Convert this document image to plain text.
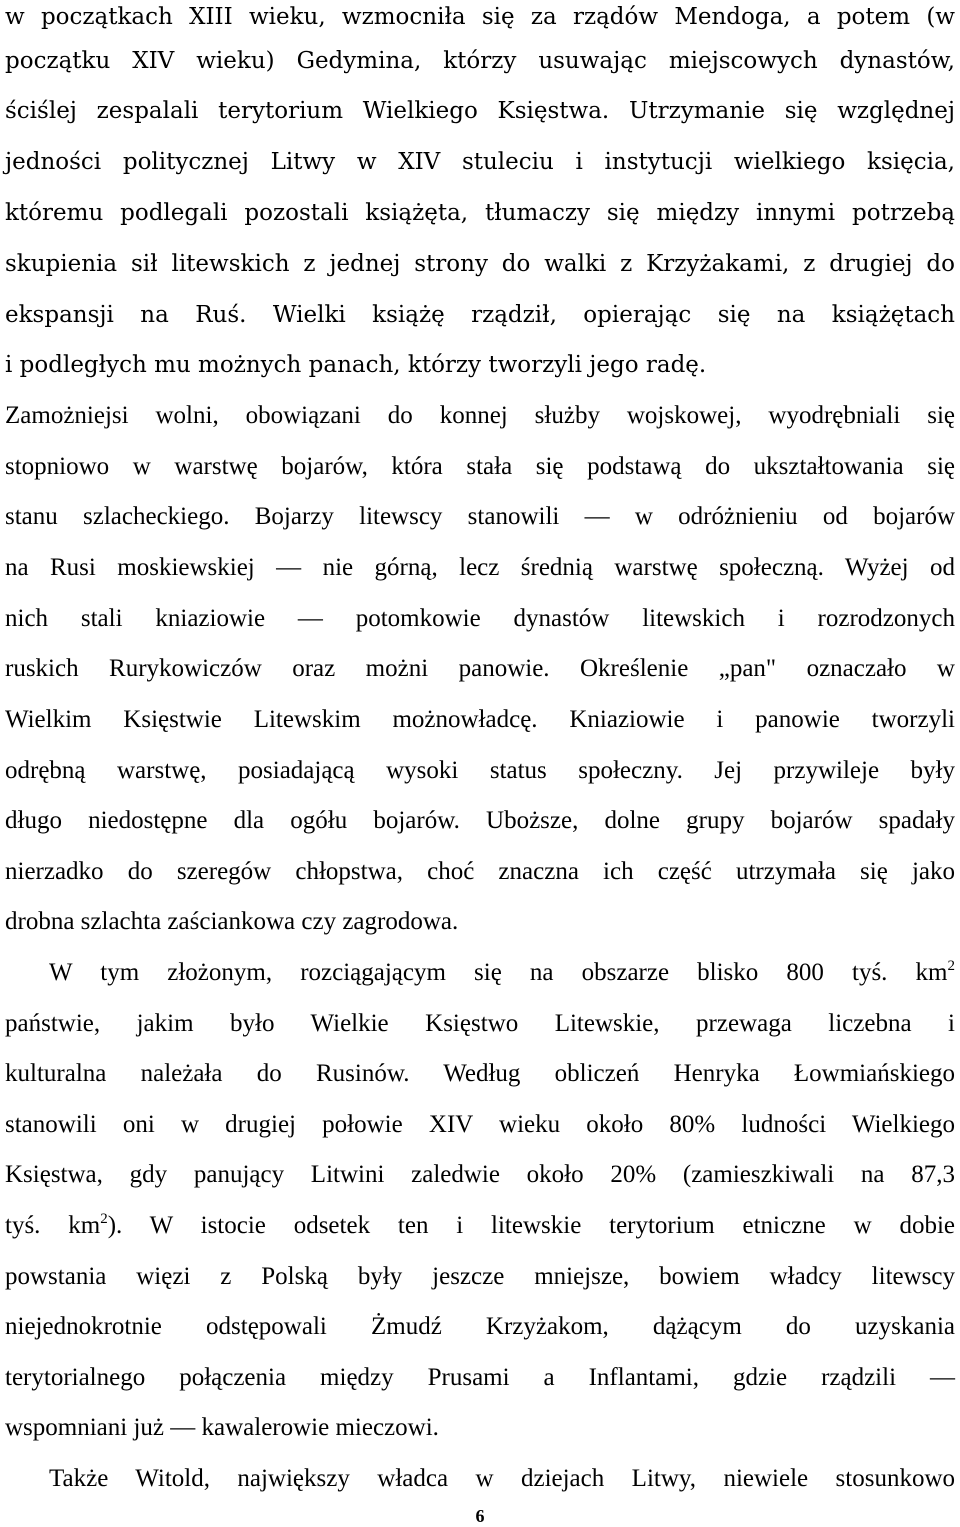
w początkach XIII wieku, wzmocniła się za rządów Mendoga, a potem (w
początku XIV wieku) Gedymina, którzy usuwając miejscowych dynastów,
ściślej zespalali terytorium Wielkiego Księstwa. Utrzymanie się względnej
jedności politycznej Litwy w XIV stuleciu i instytucji wielkiego księcia,
któremu podlegali pozostali książęta, tłumaczy się między innymi potrzebą
skupienia sił litewskich z jednej strony do walki z Krzyżakami, z drugiej do
ekspansji na Ruś. Wielki książę rządził, opierając się na książętach
i podległych mu możnych panach, którzy tworzyli jego radę.
Zamożniejsi wolni, obowiązani do konnej służby wojskowej, wyodrębniali się
stopniowo w warstwę bojarów, która stała się podstawą do ukształtowania się
stanu szlacheckiego. Bojarzy litewscy stanowili — w odróżnieniu od bojarów
na Rusi moskiewskiej — nie górną, lecz średnią warstwę społeczną. Wyżej od
nich stali kniaziowie — potomkowie dynastów litewskich i rozrodzonych
ruskich Rurykowiczów oraz możni panowie. Określenie „pan" oznaczało w
Wielkim Księstwie Litewskim możnowładcę. Kniaziowie i panowie tworzyli
odrębną warstwę, posiadającą wysoki status społeczny. Jej przywileje były
długo niedostępne dla ogółu bojarów. Uboższe, dolne grupy bojarów spadały
nierzadko do szeregów chłopstwa, choć znaczna ich część utrzymała się jako
drobna szlachta zaściankowa czy zagrodowa.
W tym złożonym, rozciągającym się na obszarze blisko 800 tyś. $km^2$
państwie, jakim było Wielkie Księstwo Litewskie, przewaga liczebna i
kulturalna należała do Rusinów. Według obliczeń Henryka Łowmiańskiego
stanowili oni w drugiej połowie XIV wieku około 80% ludności Wielkiego
Księstwa, gdy panujący Litwini zaledwie około 20% (zamieszkiwali na 87,3
tyś. $km^2$). W istocie odsetek ten i litewskie terytorium etniczne w dobie
powstania więzi z Polską były jeszcze mniejsze, bowiem władcy litewscy
niejednokrotnie odstępowali Żmudź Krzyżakom, dążącym do uzyskania
terytorialnego połączenia między Prusami a Inflantami, gdzie rządzili —
wspomniani już — kawalerowie mieczowi.
Także Witold, największy władca w dziejach Litwy, niewiele stosunkowo
6
